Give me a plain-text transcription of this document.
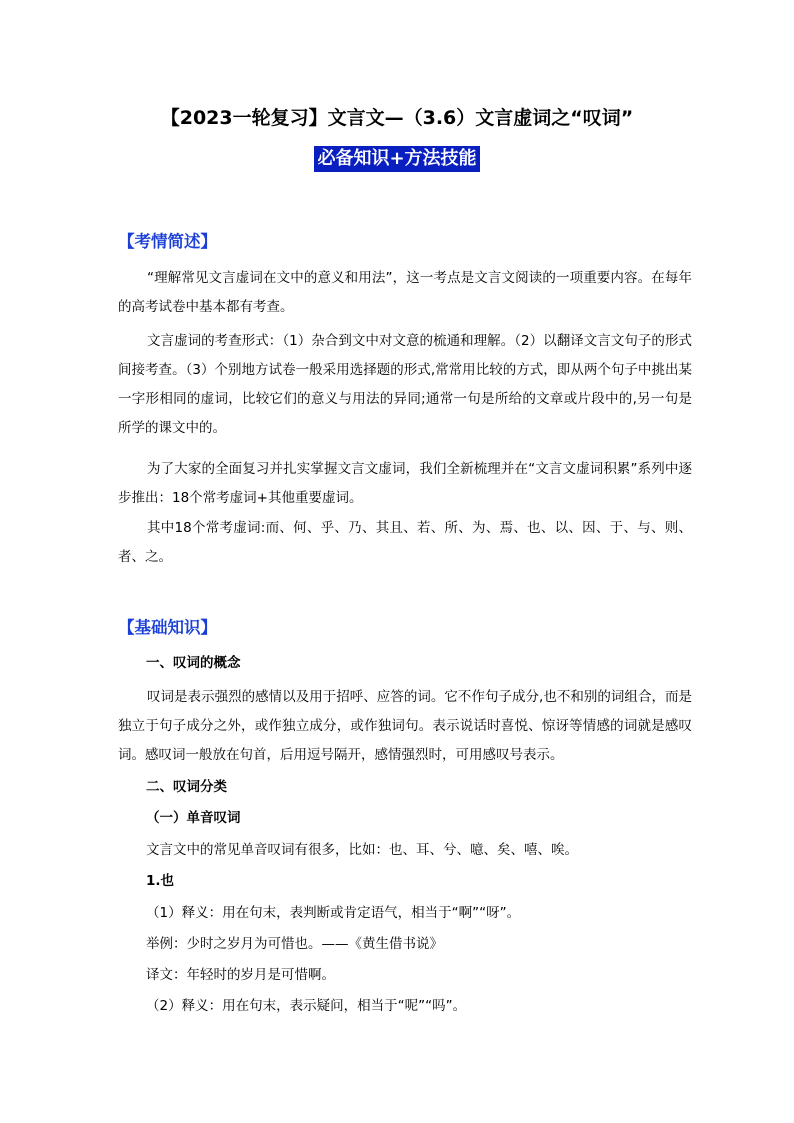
【2023一轮复习】文言文—（3.6）文言虚词之“叹词”
必备知识+方法技能
【考情简述】

“理解常见文言虚词在文中的意义和用法”，这一考点是文言文阅读的一项重要内容。在每年的高考试卷中基本都有考查。

文言虚词的考查形式：（1）杂合到文中对文意的梳通和理解。（2）以翻译文言文句子的形式间接考查。（3）个别地方试卷一般采用选择题的形式,常常用比较的方式，即从两个句子中挑出某一字形相同的虚词，比较它们的意义与用法的异同;通常一句是所给的文章或片段中的,另一句是所学的课文中的。

为了大家的全面复习并扎实掌握文言文虚词，我们全新梳理并在“文言文虚词积累”系列中逐步推出：18个常考虚词+其他重要虚词。

其中18个常考虚词:而、何、乎、乃、其且、若、所、为、焉、也、以、因、于、与、则、者、之。

【基础知识】
一、叹词的概念

叹词是表示强烈的感情以及用于招呼、应答的词。它不作句子成分,也不和别的词组合，而是独立于句子成分之外，或作独立成分，或作独词句。表示说话时喜悦、惊讶等情感的词就是感叹词。感叹词一般放在句首，后用逗号隔开，感情强烈时，可用感叹号表示。

二、叹词分类
（一）单音叹词
文言文中的常见单音叹词有很多，比如：也、耳、兮、噫、矣、嘻、唉。
1.也
（1）释义：用在句末，表判断或肯定语气，相当于“啊”“呀”。
举例：少时之岁月为可惜也。——《黄生借书说》
译文：年轻时的岁月是可惜啊。
（2）释义：用在句末，表示疑问，相当于“呢”“吗”。
